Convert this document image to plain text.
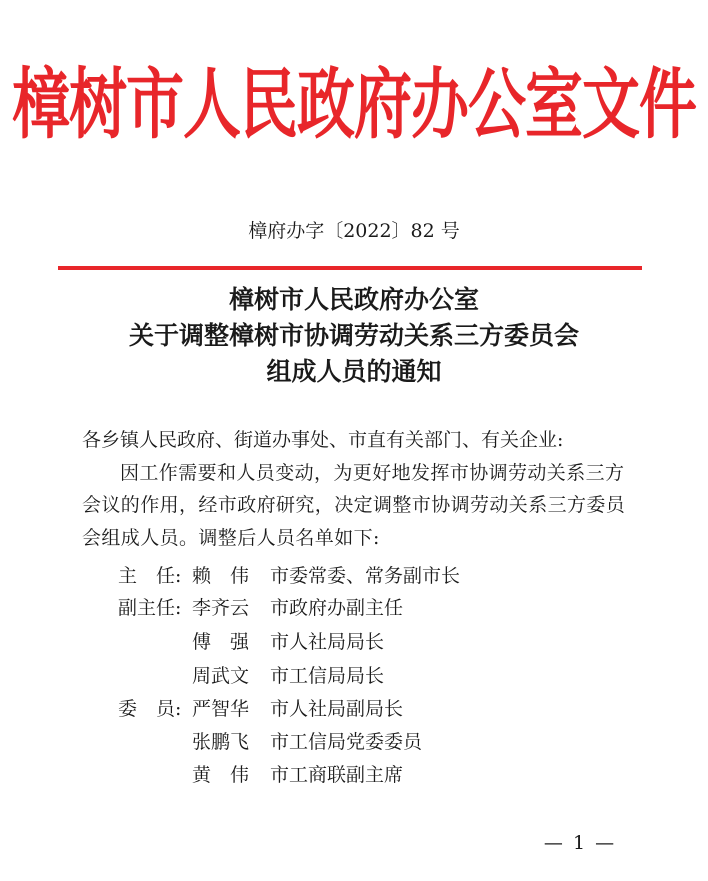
樟树市人民政府办公室文件
樟府办字〔2022〕82 号
樟树市人民政府办公室
关于调整樟树市协调劳动关系三方委员会
组成人员的通知

各乡镇人民政府、街道办事处、市直有关部门、有关企业:

因工作需要和人员变动，为更好地发挥市协调劳动关系三方会议的作用，经市政府研究，决定调整市协调劳动关系三方委员会组成人员。调整后人员名单如下:

主　任: 赖　伟	市委常委、常务副市长
副主任: 李齐云	市政府办副主任
傅　强	市人社局局长
周武文	市工信局局长
委　员: 严智华	市人社局副局长
张鹏飞	市工信局党委委员
黄　伟	市工商联副主席
— 1 —
